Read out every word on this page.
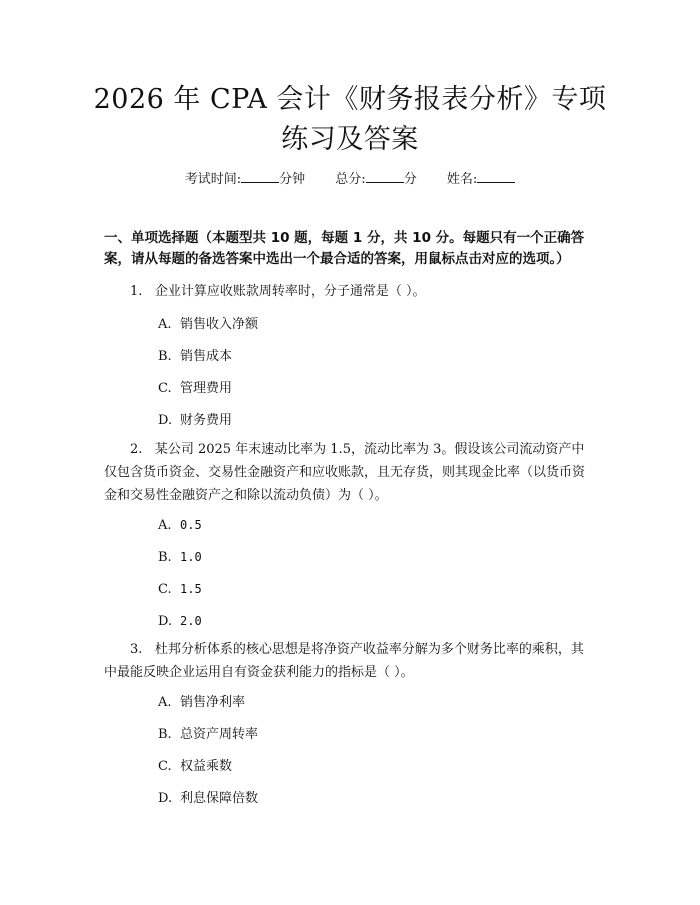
2026 年 CPA 会计《财务报表分析》专项练习及答案
考试时间:	分钟 总分:	分 姓名:
一、单项选择题（本题型共 10 题，每题 1 分，共 10 分。每题只有一个正确答案，请从每题的备选答案中选出一个最合适的答案，用鼠标点击对应的选项。）
1. 企业计算应收账款周转率时，分子通常是（ ）。
A. 销售收入净额
B. 销售成本
C. 管理费用
D. 财务费用
2. 某公司 2025 年末速动比率为 1.5，流动比率为 3。假设该公司流动资产中仅包含货币资金、交易性金融资产和应收账款，且无存货，则其现金比率（以货币资金和交易性金融资产之和除以流动负债）为（ ）。
A. 0.5
B. 1.0
C. 1.5
D. 2.0
3. 杜邦分析体系的核心思想是将净资产收益率分解为多个财务比率的乘积，其中最能反映企业运用自有资金获利能力的指标是（ ）。
A. 销售净利率
B. 总资产周转率
C. 权益乘数
D. 利息保障倍数
